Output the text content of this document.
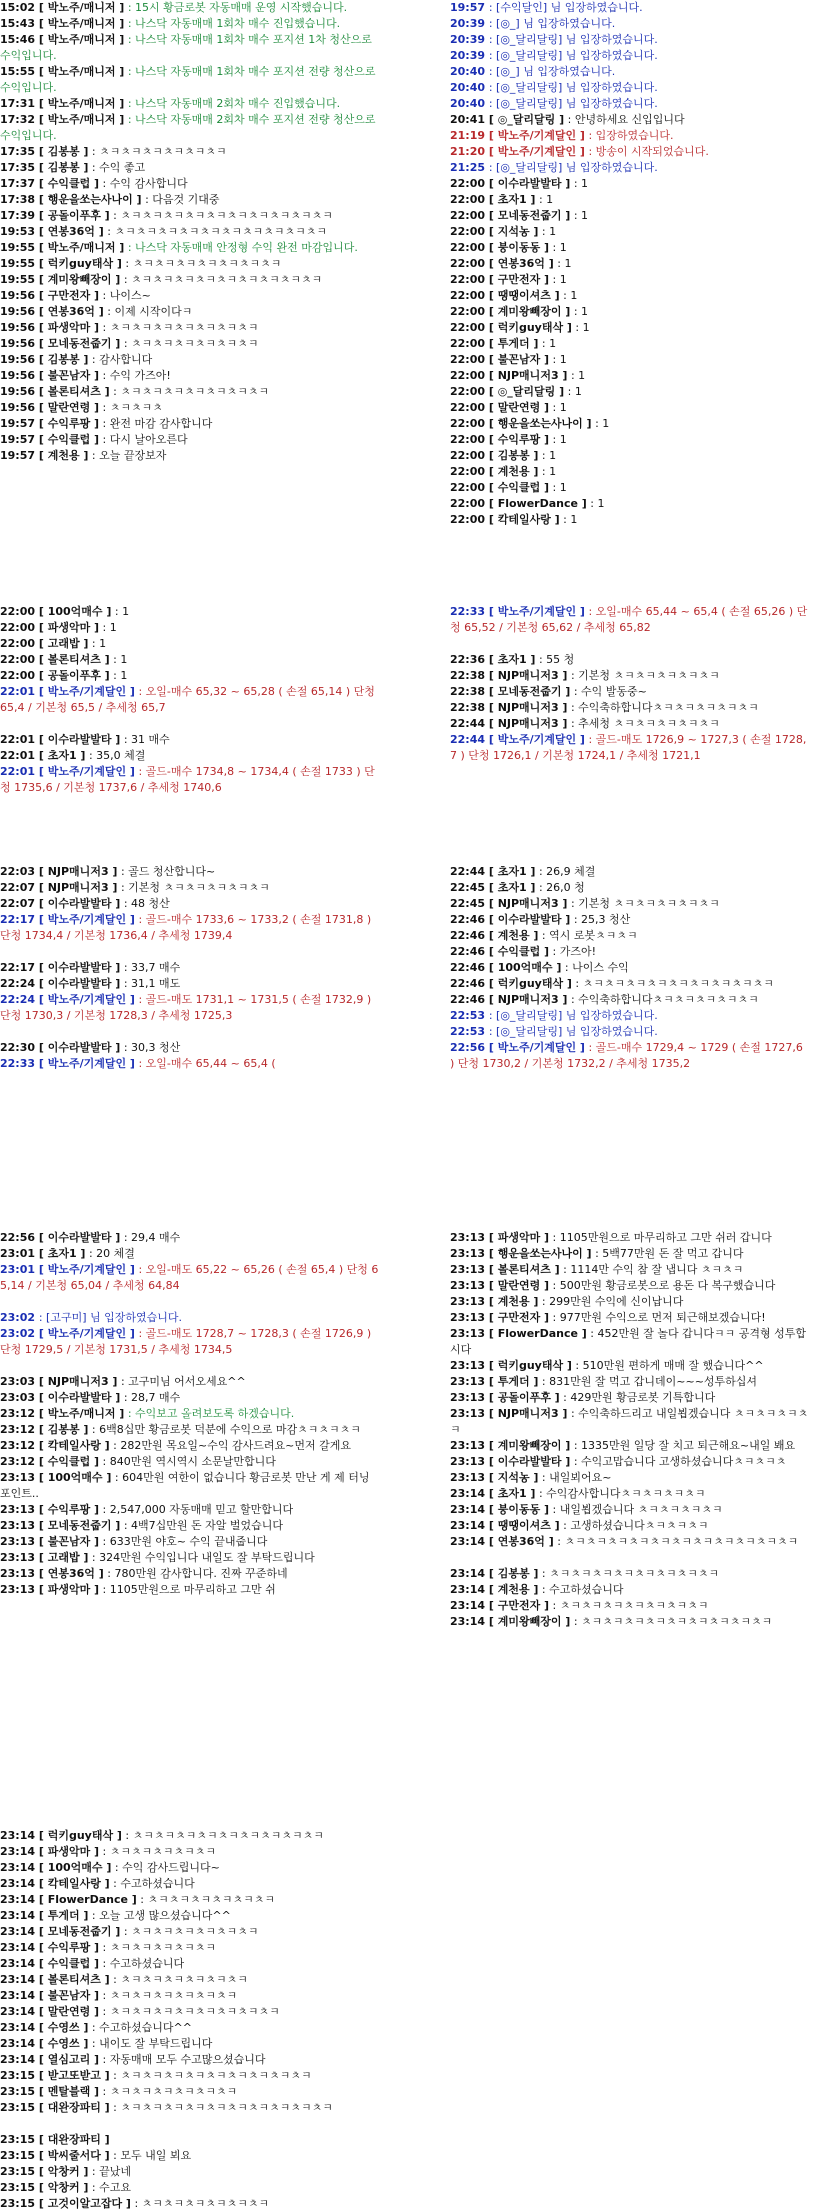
15:02 [ 박노주/매니저 ] : 15시 황금로봇 자동매매 운영 시작했습니다.
15:43 [ 박노주/매니저 ] : 나스닥 자동매매 1회차 매수 진입했습니다.
15:46 [ 박노주/매니저 ] : 나스닥 자동매매 1회차 매수 포지션 1차 청산으로 수익입니다.
15:55 [ 박노주/매니저 ] : 나스닥 자동매매 1회차 매수 포지션 전량 청산으로 수익입니다.
17:31 [ 박노주/매니저 ] : 나스닥 자동매매 2회차 매수 진입했습니다.
17:32 [ 박노주/매니저 ] : 나스닥 자동매매 2회차 매수 포지션 전량 청산으로 수익입니다.
17:35 [ 김봉봉 ] : ㅊㅋㅊㅋㅊㅋㅊㅋㅊㅋㅊㅋ
17:35 [ 김봉봉 ] : 수익 좋고
17:37 [ 수익클럽 ] : 수익 감사합니다
17:38 [ 행운을쏘는사나이 ] : 다음것 기대중
17:39 [ 공돌이푸후 ] : ㅊㅋㅊㅋㅊㅋㅊㅋㅊㅋㅊㅋㅊㅋㅊㅋㅊㅋㅊㅋ
19:53 [ 연봉36억 ] : ㅊㅋㅊㅋㅊㅋㅊㅋㅊㅋㅊㅋㅊㅋㅊㅋㅊㅋㅊㅋ
19:55 [ 박노주/매니저 ] : 나스닥 자동매매 안정형 수익 완전 마감입니다.
19:55 [ 럭키guy태삭 ] : ㅊㅋㅊㅋㅊㅋㅊㅋㅊㅋㅊㅋㅊㅋ
19:55 [ 계미왕빼장이 ] : ㅊㅋㅊㅋㅊㅋㅊㅋㅊㅋㅊㅋㅊㅋㅊㅋㅊㅋ
19:56 [ 구만전자 ] : 나이스~
19:56 [ 연봉36억 ] : 이제 시작이다ㅋ
19:56 [ 파생악마 ] : ㅊㅋㅊㅋㅊㅋㅊㅋㅊㅋㅊㅋㅊㅋ
19:56 [ 모네동전줍기 ] : ㅊㅋㅊㅋㅊㅋㅊㅋㅊㅋㅊㅋ
19:56 [ 김봉봉 ] : 감사합니다
19:56 [ 불꼰남자 ] : 수익 가즈아!
19:56 [ 볼론티셔츠 ] : ㅊㅋㅊㅋㅊㅋㅊㅋㅊㅋㅊㅋㅊㅋ
19:56 [ 말란연령 ] : ㅊㅋㅊㅋㅊ
19:57 [ 수익루팡 ] : 완전 마감 감사합니다
19:57 [ 수익클럽 ] : 다시 날아오른다
19:57 [ 계천용 ] : 오늘 끝장보자
19:57 : [수익달인] 님 입장하였습니다.
20:39 : [◎_] 님 입장하였습니다.
20:39 : [◎_달리달링] 님 입장하였습니다.
20:39 : [◎_달리달링] 님 입장하였습니다.
20:40 : [◎_] 님 입장하였습니다.
20:40 : [◎_달리달링] 님 입장하였습니다.
20:40 : [◎_달리달링] 님 입장하였습니다.
20:41 [ ◎_달리달링 ] : 안녕하세요 신입입니다
21:19 [ 박노주/기계달인 ] : 입장하였습니다.
21:20 [ 박노주/기계달인 ] : 방송이 시작되었습니다.
21:25 : [◎_달리달링] 님 입장하였습니다.
22:00 [ 이수라발발타 ] : 1
22:00 [ 초자1 ] : 1
22:00 [ 모네동전줍기 ] : 1
22:00 [ 지석농 ] : 1
22:00 [ 붕이동동 ] : 1
22:00 [ 연봉36억 ] : 1
22:00 [ 구만전자 ] : 1
22:00 [ 땡땡이셔츠 ] : 1
22:00 [ 계미왕빼장이 ] : 1
22:00 [ 럭키guy태삭 ] : 1
22:00 [ 투게더 ] : 1
22:00 [ 불꼰남자 ] : 1
22:00 [ NJP매니저3 ] : 1
22:00 [ ◎_달리달링 ] : 1
22:00 [ 말란연령 ] : 1
22:00 [ 행운을쏘는사나이 ] : 1
22:00 [ 수익루팡 ] : 1
22:00 [ 김봉봉 ] : 1
22:00 [ 계천용 ] : 1
22:00 [ 수익클럽 ] : 1
22:00 [ FlowerDance ] : 1
22:00 [ 칵테일사랑 ] : 1
22:00 [ 100억매수 ] : 1
22:00 [ 파생악마 ] : 1
22:00 [ 고래밥 ] : 1
22:00 [ 볼론티셔츠 ] : 1
22:00 [ 공돌이푸후 ] : 1
22:01 [ 박노주/기계달인 ] : 오일-매수 65,32 ~ 65,28 ( 손절 65,14 ) 단청 65,4 / 기본청 65,5 / 추세청 65,7
22:01 [ 이수라발발타 ] : 31 매수
22:01 [ 초자1 ] : 35,0 체결
22:01 [ 박노주/기계달인 ] : 골드-매수 1734,8 ~ 1734,4 ( 손절 1733 ) 단청 1735,6 / 기본청 1737,6 / 추세청 1740,6
22:33 [ 박노주/기계달인 ] : 오일-매수 65,44 ~ 65,4 ( 손절 65,26 ) 단청 65,52 / 기본청 65,62 / 추세청 65,82
22:36 [ 초자1 ] : 55 청
22:38 [ NJP매니저3 ] : 기본청 ㅊㅋㅊㅋㅊㅋㅊㅋㅊㅋ
22:38 [ 모네동전줍기 ] : 수익 발동중~
22:38 [ NJP매니저3 ] : 수익축하합니다ㅊㅋㅊㅋㅊㅋㅊㅋㅊㅋ
22:44 [ NJP매니저3 ] : 추세청 ㅊㅋㅊㅋㅊㅋㅊㅋㅊㅋ
22:44 [ 박노주/기계달인 ] : 골드-매도 1726,9 ~ 1727,3 ( 손절 1728,7 ) 단청 1726,1 / 기본청 1724,1 / 추세청 1721,1
22:03 [ NJP매니저3 ] : 골드 청산합니다~
22:07 [ NJP매니저3 ] : 기본청 ㅊㅋㅊㅋㅊㅋㅊㅋㅊㅋ
22:07 [ 이수라발발타 ] : 48 청산
22:17 [ 박노주/기계달인 ] : 골드-매수 1733,6 ~ 1733,2 ( 손절 1731,8 ) 단청 1734,4 / 기본청 1736,4 / 추세청 1739,4
22:17 [ 이수라발발타 ] : 33,7 매수
22:24 [ 이수라발발타 ] : 31,1 매도
22:24 [ 박노주/기계달인 ] : 골드-매도 1731,1 ~ 1731,5 ( 손절 1732,9 ) 단청 1730,3 / 기본청 1728,3 / 추세청 1725,3
22:30 [ 이수라발발타 ] : 30,3 청산
22:33 [ 박노주/기계달인 ] : 오일-매수 65,44 ~ 65,4 (
22:44 [ 초자1 ] : 26,9 체결
22:45 [ 초자1 ] : 26,0 청
22:45 [ NJP매니저3 ] : 기본청 ㅊㅋㅊㅋㅊㅋㅊㅋㅊㅋ
22:46 [ 이수라발발타 ] : 25,3 청산
22:46 [ 계천용 ] : 역시 로봇ㅊㅋㅊㅋ
22:46 [ 수익클럽 ] : 가즈아!
22:46 [ 100억매수 ] : 나이스 수익
22:46 [ 럭키guy태삭 ] : ㅊㅋㅊㅋㅊㅋㅊㅋㅊㅋㅊㅋㅊㅋㅊㅋㅊㅋ
22:46 [ NJP매니저3 ] : 수익축하합니다ㅊㅋㅊㅋㅊㅋㅊㅋㅊㅋ
22:53 : [◎_달리달링] 님 입장하였습니다.
22:53 : [◎_달리달링] 님 입장하였습니다.
22:56 [ 박노주/기계달인 ] : 골드-매수 1729,4 ~ 1729 ( 손절 1727,6 ) 단청 1730,2 / 기본청 1732,2 / 추세청 1735,2
22:56 [ 이수라발발타 ] : 29,4 매수
23:01 [ 초자1 ] : 20 체결
23:01 [ 박노주/기계달인 ] : 오일-매도 65,22 ~ 65,26 ( 손절 65,4 ) 단청 65,14 / 기본청 65,04 / 추세청 64,84
23:02 : [고구미] 님 입장하였습니다.
23:02 [ 박노주/기계달인 ] : 골드-매도 1728,7 ~ 1728,3 ( 손절 1726,9 ) 단청 1729,5 / 기본청 1731,5 / 추세청 1734,5
23:03 [ NJP매니저3 ] : 고구미님 어서오세요^^
23:03 [ 이수라발발타 ] : 28,7 매수
23:12 [ 박노주/매니저 ] : 수익보고 올려보도록 하겠습니다.
23:12 [ 김봉봉 ] : 6백8십만 황금로봇 덕분에 수익으로 마감ㅊㅋㅊㅋㅊㅋ
23:12 [ 칵테일사랑 ] : 282만원 목요일~수익 감사드려요~먼저 갈게요
23:12 [ 수익클럽 ] : 840만원 역시역시 소문날만합니다
23:13 [ 100억매수 ] : 604만원 여한이 없습니다 황금로봇 만난 게 제 터닝포인트..
23:13 [ 수익루팡 ] : 2,547,000 자동매매 믿고 할만합니다
23:13 [ 모네동전줍기 ] : 4백7십만원 돈 자알 벌었습니다
23:13 [ 불꼰남자 ] : 633만원 야호~ 수익 끝내줍니다
23:13 [ 고래밥 ] : 324만원 수익입니다 내일도 잘 부탁드립니다
23:13 [ 연봉36억 ] : 780만원 감사합니다. 진짜 꾸준하네
23:13 [ 파생악마 ] : 1105만원으로 마무리하고 그만 쉬
23:13 [ 파생악마 ] : 1105만원으로 마무리하고 그만 쉬러 갑니다
23:13 [ 행운을쏘는사나이 ] : 5백77만원 돈 잘 먹고 갑니다
23:13 [ 볼론티셔츠 ] : 1114만 수익 참 잘 냅니다 ㅊㅋㅊㅋ
23:13 [ 말란연령 ] : 500만원 황금로봇으로 용돈 다 복구했습니다
23:13 [ 계천용 ] : 299만원 수익에 신이납니다
23:13 [ 구만전자 ] : 977만원 수익으로 먼저 퇴근해보겠습니다!
23:13 [ FlowerDance ] : 452만원 잘 놀다 갑니다ㅋㅋ 공격형 성투합시다
23:13 [ 럭키guy태삭 ] : 510만원 편하게 매매 잘 했습니다^^
23:13 [ 투게더 ] : 831만원 잘 먹고 갑니데이~~~성투하십셔
23:13 [ 공돌이푸후 ] : 429만원 황금로봇 기특합니다
23:13 [ NJP매니저3 ] : 수익축하드리고 내일뵙겠습니다 ㅊㅋㅊㅋㅊㅋㅊㅋ
23:13 [ 계미왕빼장이 ] : 1335만원 일당 잘 치고 퇴근해요~내일 봬요
23:13 [ 이수라발발타 ] : 수익고맙습니다 고생하셨습니다ㅊㅋㅊㅋㅊ
23:13 [ 지석농 ] : 내일뵈어요~
23:14 [ 초자1 ] : 수익감사합니다ㅊㅋㅊㅋㅊㅋㅊㅋ
23:14 [ 붕이동동 ] : 내일뵙겠습니다 ㅊㅋㅊㅋㅊㅋㅊㅋ
23:14 [ 땡땡이셔츠 ] : 고생하셨습니다ㅊㅋㅊㅋㅊㅋ
23:14 [ 연봉36억 ] : ㅊㅋㅊㅋㅊㅋㅊㅋㅊㅋㅊㅋㅊㅋㅊㅋㅊㅋㅊㅋㅊㅋ
23:14 [ 김봉봉 ] : ㅊㅋㅊㅋㅊㅋㅊㅋㅊㅋㅊㅋㅊㅋㅊㅋ
23:14 [ 계천용 ] : 수고하셨습니다
23:14 [ 구만전자 ] : ㅊㅋㅊㅋㅊㅋㅊㅋㅊㅋㅊㅋㅊㅋ
23:14 [ 계미왕빼장이 ] : ㅊㅋㅊㅋㅊㅋㅊㅋㅊㅋㅊㅋㅊㅋㅊㅋㅊㅋ
23:14 [ 럭키guy태삭 ] : ㅊㅋㅊㅋㅊㅋㅊㅋㅊㅋㅊㅋㅊㅋㅊㅋㅊㅋ
23:14 [ 파생악마 ] : ㅊㅋㅊㅋㅊㅋㅊㅋㅊㅋ
23:14 [ 100억매수 ] : 수익 감사드립니다~
23:14 [ 칵테일사랑 ] : 수고하셨습니다
23:14 [ FlowerDance ] : ㅊㅋㅊㅋㅊㅋㅊㅋㅊㅋㅊㅋ
23:14 [ 투게더 ] : 오늘 고생 많으셨습니다^^
23:14 [ 모네동전줍기 ] : ㅊㅋㅊㅋㅊㅋㅊㅋㅊㅋㅊㅋ
23:14 [ 수익루팡 ] : ㅊㅋㅊㅋㅊㅋㅊㅋㅊㅋ
23:14 [ 수익클럽 ] : 수고하셨습니다
23:14 [ 볼론티셔츠 ] : ㅊㅋㅊㅋㅊㅋㅊㅋㅊㅋㅊㅋ
23:14 [ 불꼰남자 ] : ㅊㅋㅊㅋㅊㅋㅊㅋㅊㅋㅊㅋ
23:14 [ 말란연령 ] : ㅊㅋㅊㅋㅊㅋㅊㅋㅊㅋㅊㅋㅊㅋㅊㅋ
23:14 [ 수영쓰 ] : 수고하셨습니다^^
23:14 [ 수영쓰 ] : 내이도 잘 부탁드립니다
23:14 [ 열심고리 ] : 자동매매 모두 수고많으셨습니다
23:15 [ 받고또받고 ] : ㅊㅋㅊㅋㅊㅋㅊㅋㅊㅋㅊㅋㅊㅋㅊㅋㅊㅋ
23:15 [ 멘탈블랙 ] : ㅊㅋㅊㅋㅊㅋㅊㅋㅊㅋㅊㅋ
23:15 [ 대완장파티 ] : ㅊㅋㅊㅋㅊㅋㅊㅋㅊㅋㅊㅋㅊㅋㅊㅋㅊㅋㅊㅋ
23:15 [ 대완장파티 ]
23:15 [ 박씨줄서다 ] : 모두 내일 뵈요
23:15 [ 악창커 ] : 끝났네
23:15 [ 악창커 ] : 수고요
23:15 [ 고것이알고잡다 ] : ㅊㅋㅊㅋㅊㅋㅊㅋㅊㅋㅊㅋ
